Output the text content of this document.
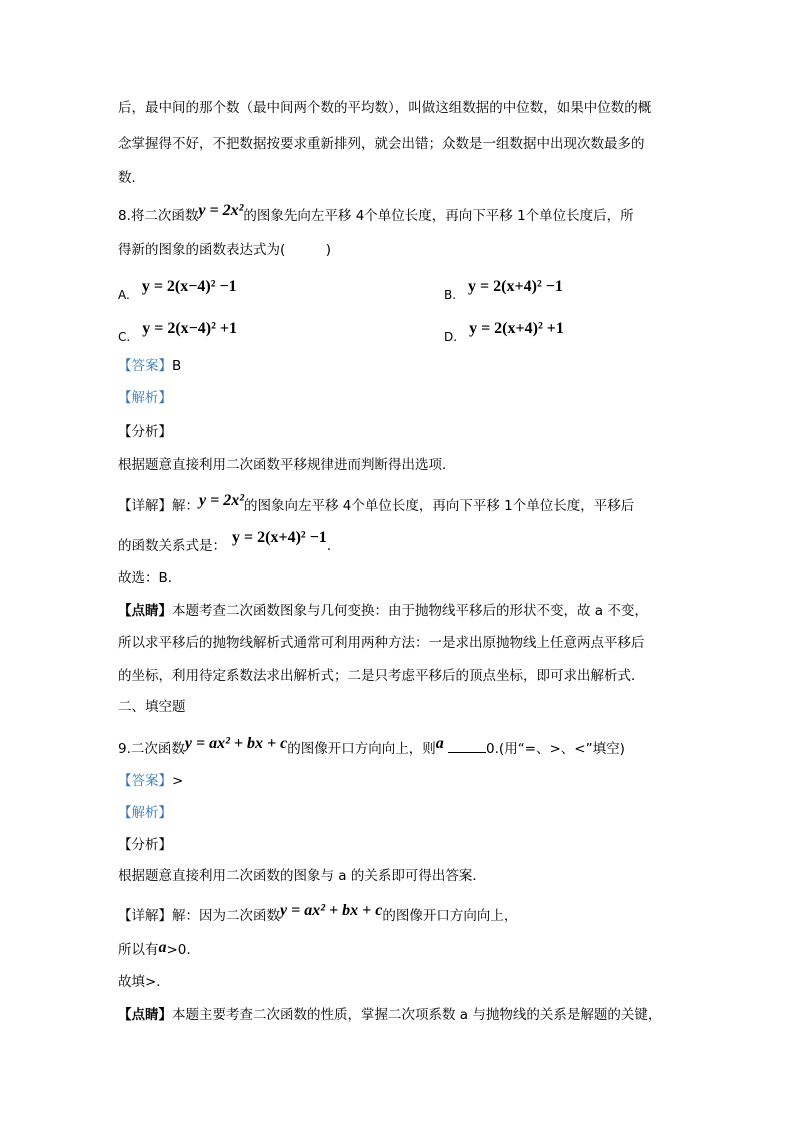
后，最中间的那个数（最中间两个数的平均数），叫做这组数据的中位数，如果中位数的概
念掌握得不好，不把数据按要求重新排列，就会出错；众数是一组数据中出现次数最多的
数．
8.将二次函数y = 2x²的图象先向左平移 4个单位长度，再向下平移 1个单位长度后，所
得新的图象的函数表达式为(　　　)
A. y = 2(x−4)² −1	B. y = 2(x+4)² −1
C. y = 2(x−4)² +1	D. y = 2(x+4)² +1
【答案】B
【解析】
【分析】
根据题意直接利用二次函数平移规律进而判断得出选项．
【详解】解：y = 2x²的图象向左平移 4个单位长度，再向下平移 1个单位长度，平移后
的函数关系式是： y = 2(x+4)² −1．
故选：B．
【点睛】本题考查二次函数图象与几何变换：由于抛物线平移后的形状不变，故 a 不变，
所以求平移后的抛物线解析式通常可利用两种方法：一是求出原抛物线上任意两点平移后
的坐标，利用待定系数法求出解析式；二是只考虑平移后的顶点坐标，即可求出解析式．
二、填空题
9.二次函数y = ax² + bx + c的图像开口方向向上，则a	0.(用“=、>、<”填空)
【答案】>
【解析】
【分析】
根据题意直接利用二次函数的图象与 a 的关系即可得出答案．
【详解】解：因为二次函数y = ax² + bx + c的图像开口方向向上，
所以有a>0.
故填>.
【点睛】本题主要考查二次函数的性质，掌握二次项系数 a 与抛物线的关系是解题的关键，
